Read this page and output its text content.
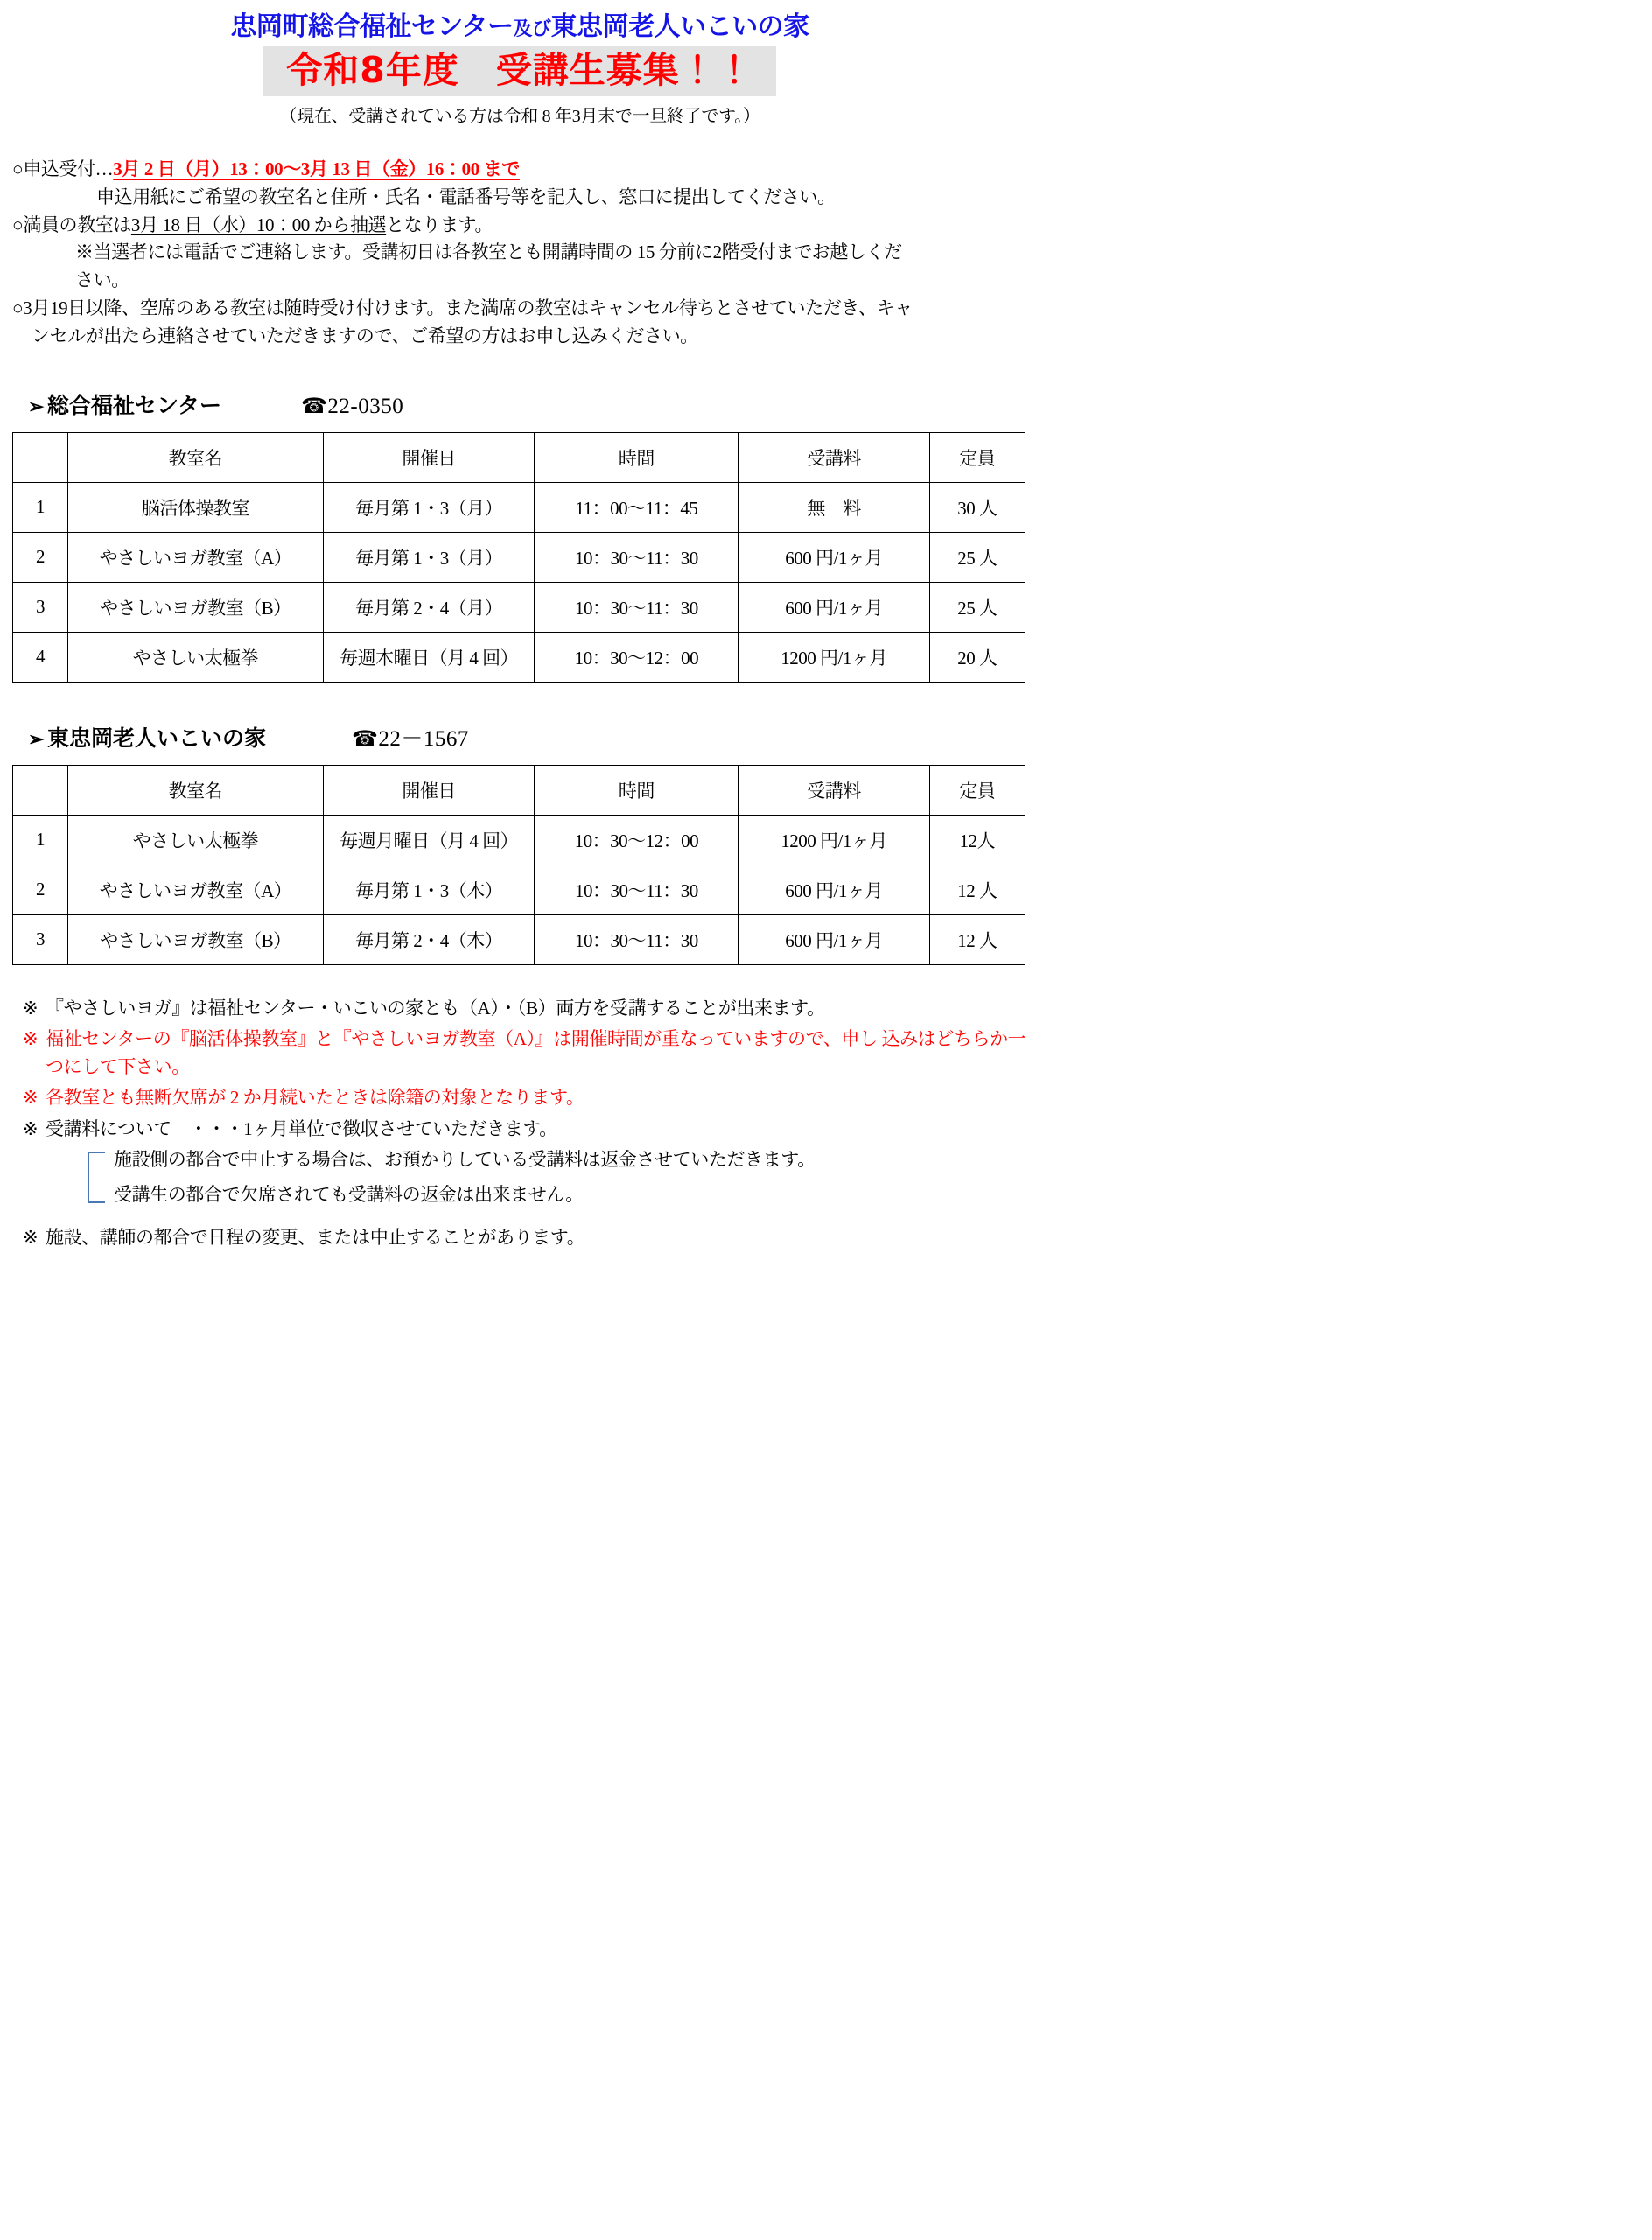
忠岡町総合福祉センター及び東忠岡老人いこいの家
令和8年度　受講生募集！！
（現在、受講されている方は令和 8 年3月末で一旦終了です。）
○申込受付…3月 2 日（月）13：00～3月 13 日（金）16：00 まで
申込用紙にご希望の教室名と住所・氏名・電話番号等を記入し、窓口に提出してください。
○満員の教室は3月 18 日（水）10：00 から抽選となります。
※当選者には電話でご連絡します。受講初日は各教室とも開講時間の 15 分前に2階受付までお越しくだ
さい。
○3月19日以降、空席のある教室は随時受け付けます。また満席の教室はキャンセル待ちとさせていただき、キャ
ンセルが出たら連絡させていただきますので、ご希望の方はお申し込みください。
➢ 総合福祉センター	☎22-0350
	教室名	開催日	時間	受講料	定員
1	脳活体操教室	毎月第 1・3（月）	11：00～11：45	無　料	30 人
2	やさしいヨガ教室（A）	毎月第 1・3（月）	10：30～11：30	600 円/1ヶ月	25 人
3	やさしいヨガ教室（B）	毎月第 2・4（月）	10：30～11：30	600 円/1ヶ月	25 人
4	やさしい太極拳	毎週木曜日（月 4 回）	10：30～12：00	1200 円/1ヶ月	20 人
➢ 東忠岡老人いこいの家	☎22－1567
	教室名	開催日	時間	受講料	定員
1	やさしい太極拳	毎週月曜日（月 4 回）	10：30～12：00	1200 円/1ヶ月	12人
2	やさしいヨガ教室（A）	毎月第 1・3（木）	10：30～11：30	600 円/1ヶ月	12 人
3	やさしいヨガ教室（B）	毎月第 2・4（木）	10：30～11：30	600 円/1ヶ月	12 人
※ 『やさしいヨガ』は福祉センター・いこいの家とも（A）・（B）両方を受講することが出来ます。
※ 福祉センターの『脳活体操教室』と『やさしいヨガ教室（A）』は開催時間が重なっていますので、申し 込みはどちらか一つにして下さい。
※ 各教室とも無断欠席が 2 か月続いたときは除籍の対象となります。
※ 受講料について　・・・1ヶ月単位で徴収させていただきます。
施設側の都合で中止する場合は、お預かりしている受講料は返金させていただきます。
受講生の都合で欠席されても受講料の返金は出来ません。
※ 施設、講師の都合で日程の変更、または中止することがあります。
